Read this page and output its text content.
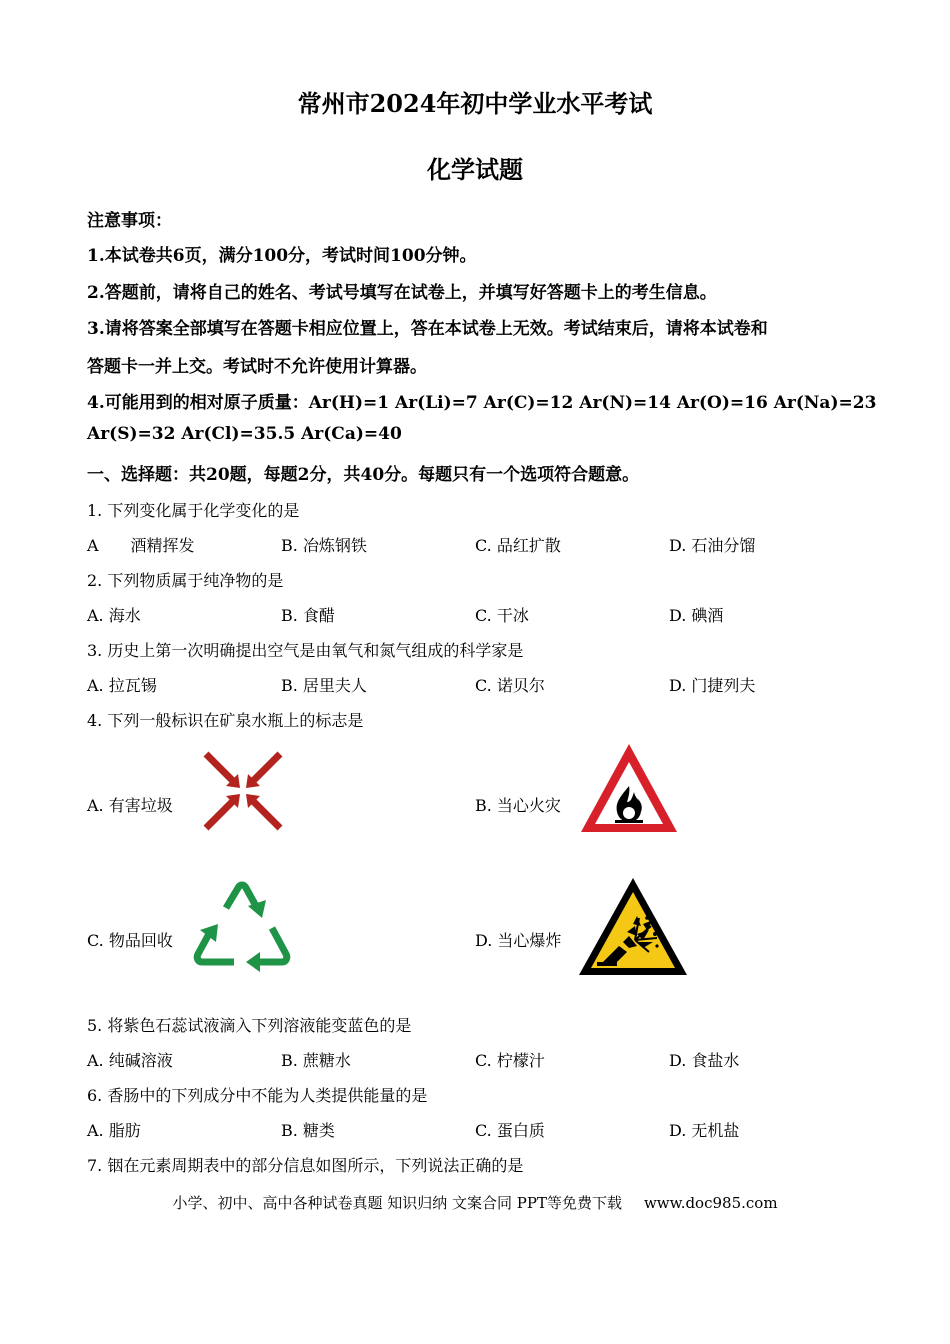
常州市2024年初中学业水平考试
化学试题
注意事项：
1.本试卷共6页，满分100分，考试时间100分钟。
2.答题前，请将自己的姓名、考试号填写在试卷上，并填写好答题卡上的考生信息。
3.请将答案全部填写在答题卡相应位置上，答在本试卷上无效。考试结束后，请将本试卷和
答题卡一并上交。考试时不允许使用计算器。
4.可能用到的相对原子质量：Ar(H)=1 Ar(Li)=7 Ar(C)=12 Ar(N)=14 Ar(O)=16 Ar(Na)=23
Ar(S)=32 Ar(Cl)=35.5 Ar(Ca)=40
一、选择题：共20题，每题2分，共40分。每题只有一个选项符合题意。
1. 下列变化属于化学变化的是
A　　酒精挥发	B. 冶炼钢铁	C. 品红扩散	D. 石油分馏
2. 下列物质属于纯净物的是
A. 海水	B. 食醋	C. 干冰	D. 碘酒
3. 历史上第一次明确提出空气是由氧气和氮气组成的科学家是
A. 拉瓦锡	B. 居里夫人	C. 诺贝尔	D. 门捷列夫
4. 下列一般标识在矿泉水瓶上的标志是
A. 有害垃圾	B. 当心火灾
C. 物品回收	D. 当心爆炸
5. 将紫色石蕊试液滴入下列溶液能变蓝色的是
A. 纯碱溶液	B. 蔗糖水	C. 柠檬汁	D. 食盐水
6. 香肠中的下列成分中不能为人类提供能量的是
A. 脂肪	B. 糖类	C. 蛋白质	D. 无机盐
7. 铟在元素周期表中的部分信息如图所示，下列说法正确的是
小学、初中、高中各种试卷真题 知识归纳 文案合同 PPT等免费下载 www.doc985.com
